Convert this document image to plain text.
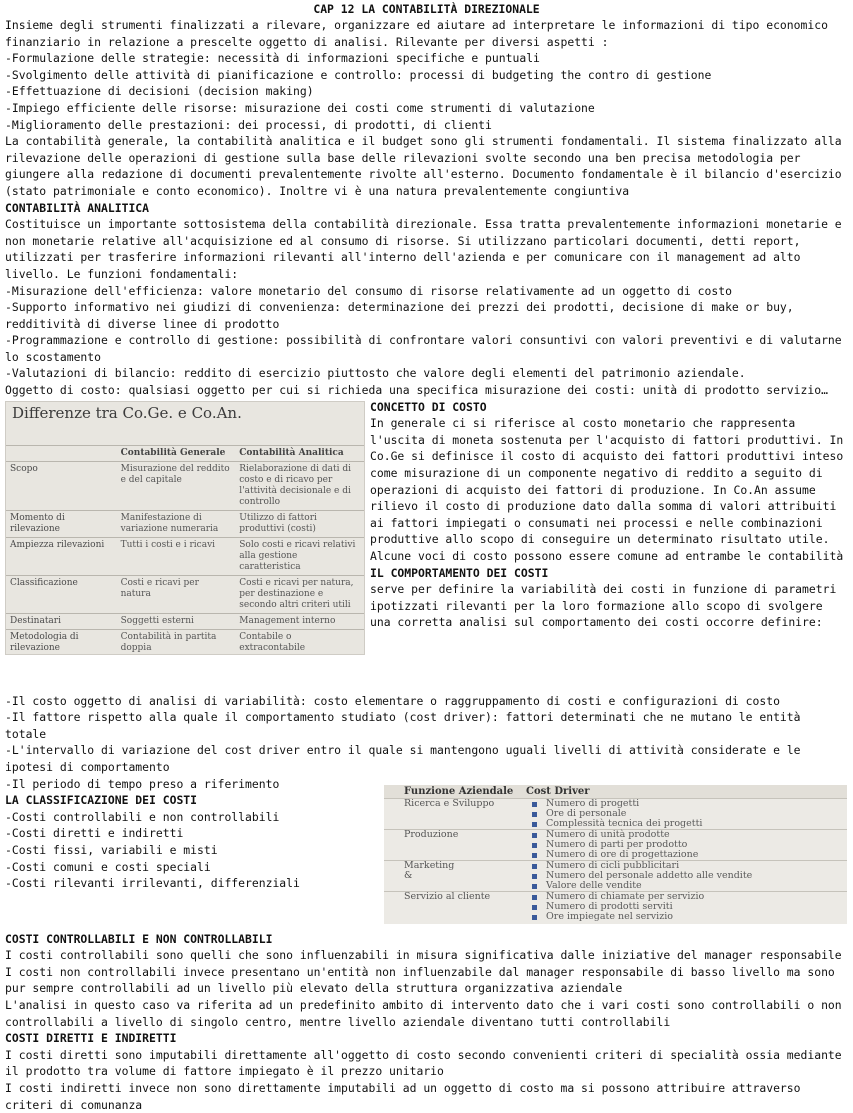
CAP 12 LA CONTABILITÀ DIREZIONALE

Insieme degli strumenti finalizzati a rilevare, organizzare ed aiutare ad interpretare le informazioni di tipo economico finanziario in relazione a prescelte oggetto di analisi. Rilevante per diversi aspetti :

-Formulazione delle strategie: necessità di informazioni specifiche e puntuali

-Svolgimento delle attività di pianificazione e controllo: processi di budgeting the contro di gestione

-Effettuazione di decisioni (decision making)

-Impiego efficiente delle risorse: misurazione dei costi come strumenti di valutazione

-Miglioramento delle prestazioni: dei processi, di prodotti, di clienti

La contabilità generale, la contabilità analitica e il budget sono gli strumenti fondamentali. Il sistema finalizzato alla rilevazione delle operazioni di gestione sulla base delle rilevazioni svolte secondo una ben precisa metodologia per giungere alla redazione di documenti prevalentemente rivolte all'esterno. Documento fondamentale è il bilancio d'esercizio (stato patrimoniale e conto economico). Inoltre vi è una natura prevalentemente congiuntiva

CONTABILITÀ ANALITICA

Costituisce un importante sottosistema della contabilità direzionale. Essa tratta prevalentemente informazioni monetarie e non monetarie relative all'acquisizione ed al consumo di risorse. Si utilizzano particolari documenti, detti report, utilizzati per trasferire informazioni rilevanti all'interno dell'azienda e per comunicare con il management ad alto livello. Le funzioni fondamentali:

-Misurazione dell'efficienza: valore monetario del consumo di risorse relativamente ad un oggetto di costo

-Supporto informativo nei giudizi di convenienza: determinazione dei prezzi dei prodotti, decisione di make or buy, redditività di diverse linee di prodotto

-Programmazione e controllo di gestione: possibilità di confrontare valori consuntivi con valori preventivi e di valutarne lo scostamento

-Valutazioni di bilancio: reddito di esercizio piuttosto che valore degli elementi del patrimonio aziendale.

Oggetto di costo: qualsiasi oggetto per cui si richieda una specifica misurazione dei costi: unità di prodotto servizio…

Differenze tra Co.Ge. e Co.An.
	Contabilità Generale	Contabilità Analitica
Scopo	Misurazione del reddito e del capitale	Rielaborazione di dati di costo e di ricavo per l'attività decisionale e di controllo
Momento di rilevazione	Manifestazione di variazione numeraria	Utilizzo di fattori produttivi (costi)
Ampiezza rilevazioni	Tutti i costi e i ricavi	Solo costi e ricavi relativi alla gestione caratteristica
Classificazione	Costi e ricavi per natura	Costi e ricavi per natura, per destinazione e secondo altri criteri utili
Destinatari	Soggetti esterni	Management interno
Metodologia di rilevazione	Contabilità in partita doppia	Contabile o extracontabile

CONCETTO DI COSTO

In generale ci si riferisce al costo monetario che rappresenta l'uscita di moneta sostenuta per l'acquisto di fattori produttivi. In Co.Ge si definisce il costo di acquisto dei fattori produttivi inteso come misurazione di un componente negativo di reddito a seguito di operazioni di acquisto dei fattori di produzione. In Co.An assume rilievo il costo di produzione dato dalla somma di valori attribuiti ai fattori impiegati o consumati nei processi e nelle combinazioni produttive allo scopo di conseguire un determinato risultato utile. Alcune voci di costo possono essere comune ad entrambe le contabilità

IL COMPORTAMENTO DEI COSTI

serve per definire la variabilità dei costi in funzione di parametri ipotizzati rilevanti per la loro formazione allo scopo di svolgere una corretta analisi sul comportamento dei costi occorre definire:

-Il costo oggetto di analisi di variabilità: costo elementare o raggruppamento di costi e configurazioni di costo

-Il fattore rispetto alla quale il comportamento studiato (cost driver): fattori determinati che ne mutano le entità totale

-L'intervallo di variazione del cost driver entro il quale si mantengono uguali livelli di attività considerate e le ipotesi di comportamento

-Il periodo di tempo preso a riferimento

LA CLASSIFICAZIONE DEI COSTI

-Costi controllabili e non controllabili

-Costi diretti e indiretti

-Costi fissi, variabili e misti

-Costi comuni e costi speciali

-Costi rilevanti irrilevanti, differenziali

Funzione Aziendale	Cost Driver
Ricerca e Sviluppo	Numero di progetti
Ore di personale
Complessità tecnica dei progetti
Produzione	Numero di unità prodotte
Numero di parti per prodotto
Numero di ore di progettazione
Marketing
&
Numero di cicli pubblicitari
Numero del personale addetto alle vendite
Valore delle vendite
Servizio al cliente	Numero di chiamate per servizio
Numero di prodotti serviti
Ore impiegate nel servizio

COSTI CONTROLLABILI E NON CONTROLLABILI

I costi controllabili sono quelli che sono influenzabili in misura significativa dalle iniziative del manager responsabile

I costi non controllabili invece presentano un'entità non influenzabile dal manager responsabile di basso livello ma sono pur sempre controllabili ad un livello più elevato della struttura organizzativa aziendale

L'analisi in questo caso va riferita ad un predefinito ambito di intervento dato che i vari costi sono controllabili o non controllabili a livello di singolo centro, mentre livello aziendale diventano tutti controllabili

COSTI DIRETTI E INDIRETTI

I costi diretti sono imputabili direttamente all'oggetto di costo secondo convenienti criteri di specialità ossia mediante il prodotto tra volume di fattore impiegato è il prezzo unitario

I costi indiretti invece non sono direttamente imputabili ad un oggetto di costo ma si possono attribuire attraverso criteri di comunanza
